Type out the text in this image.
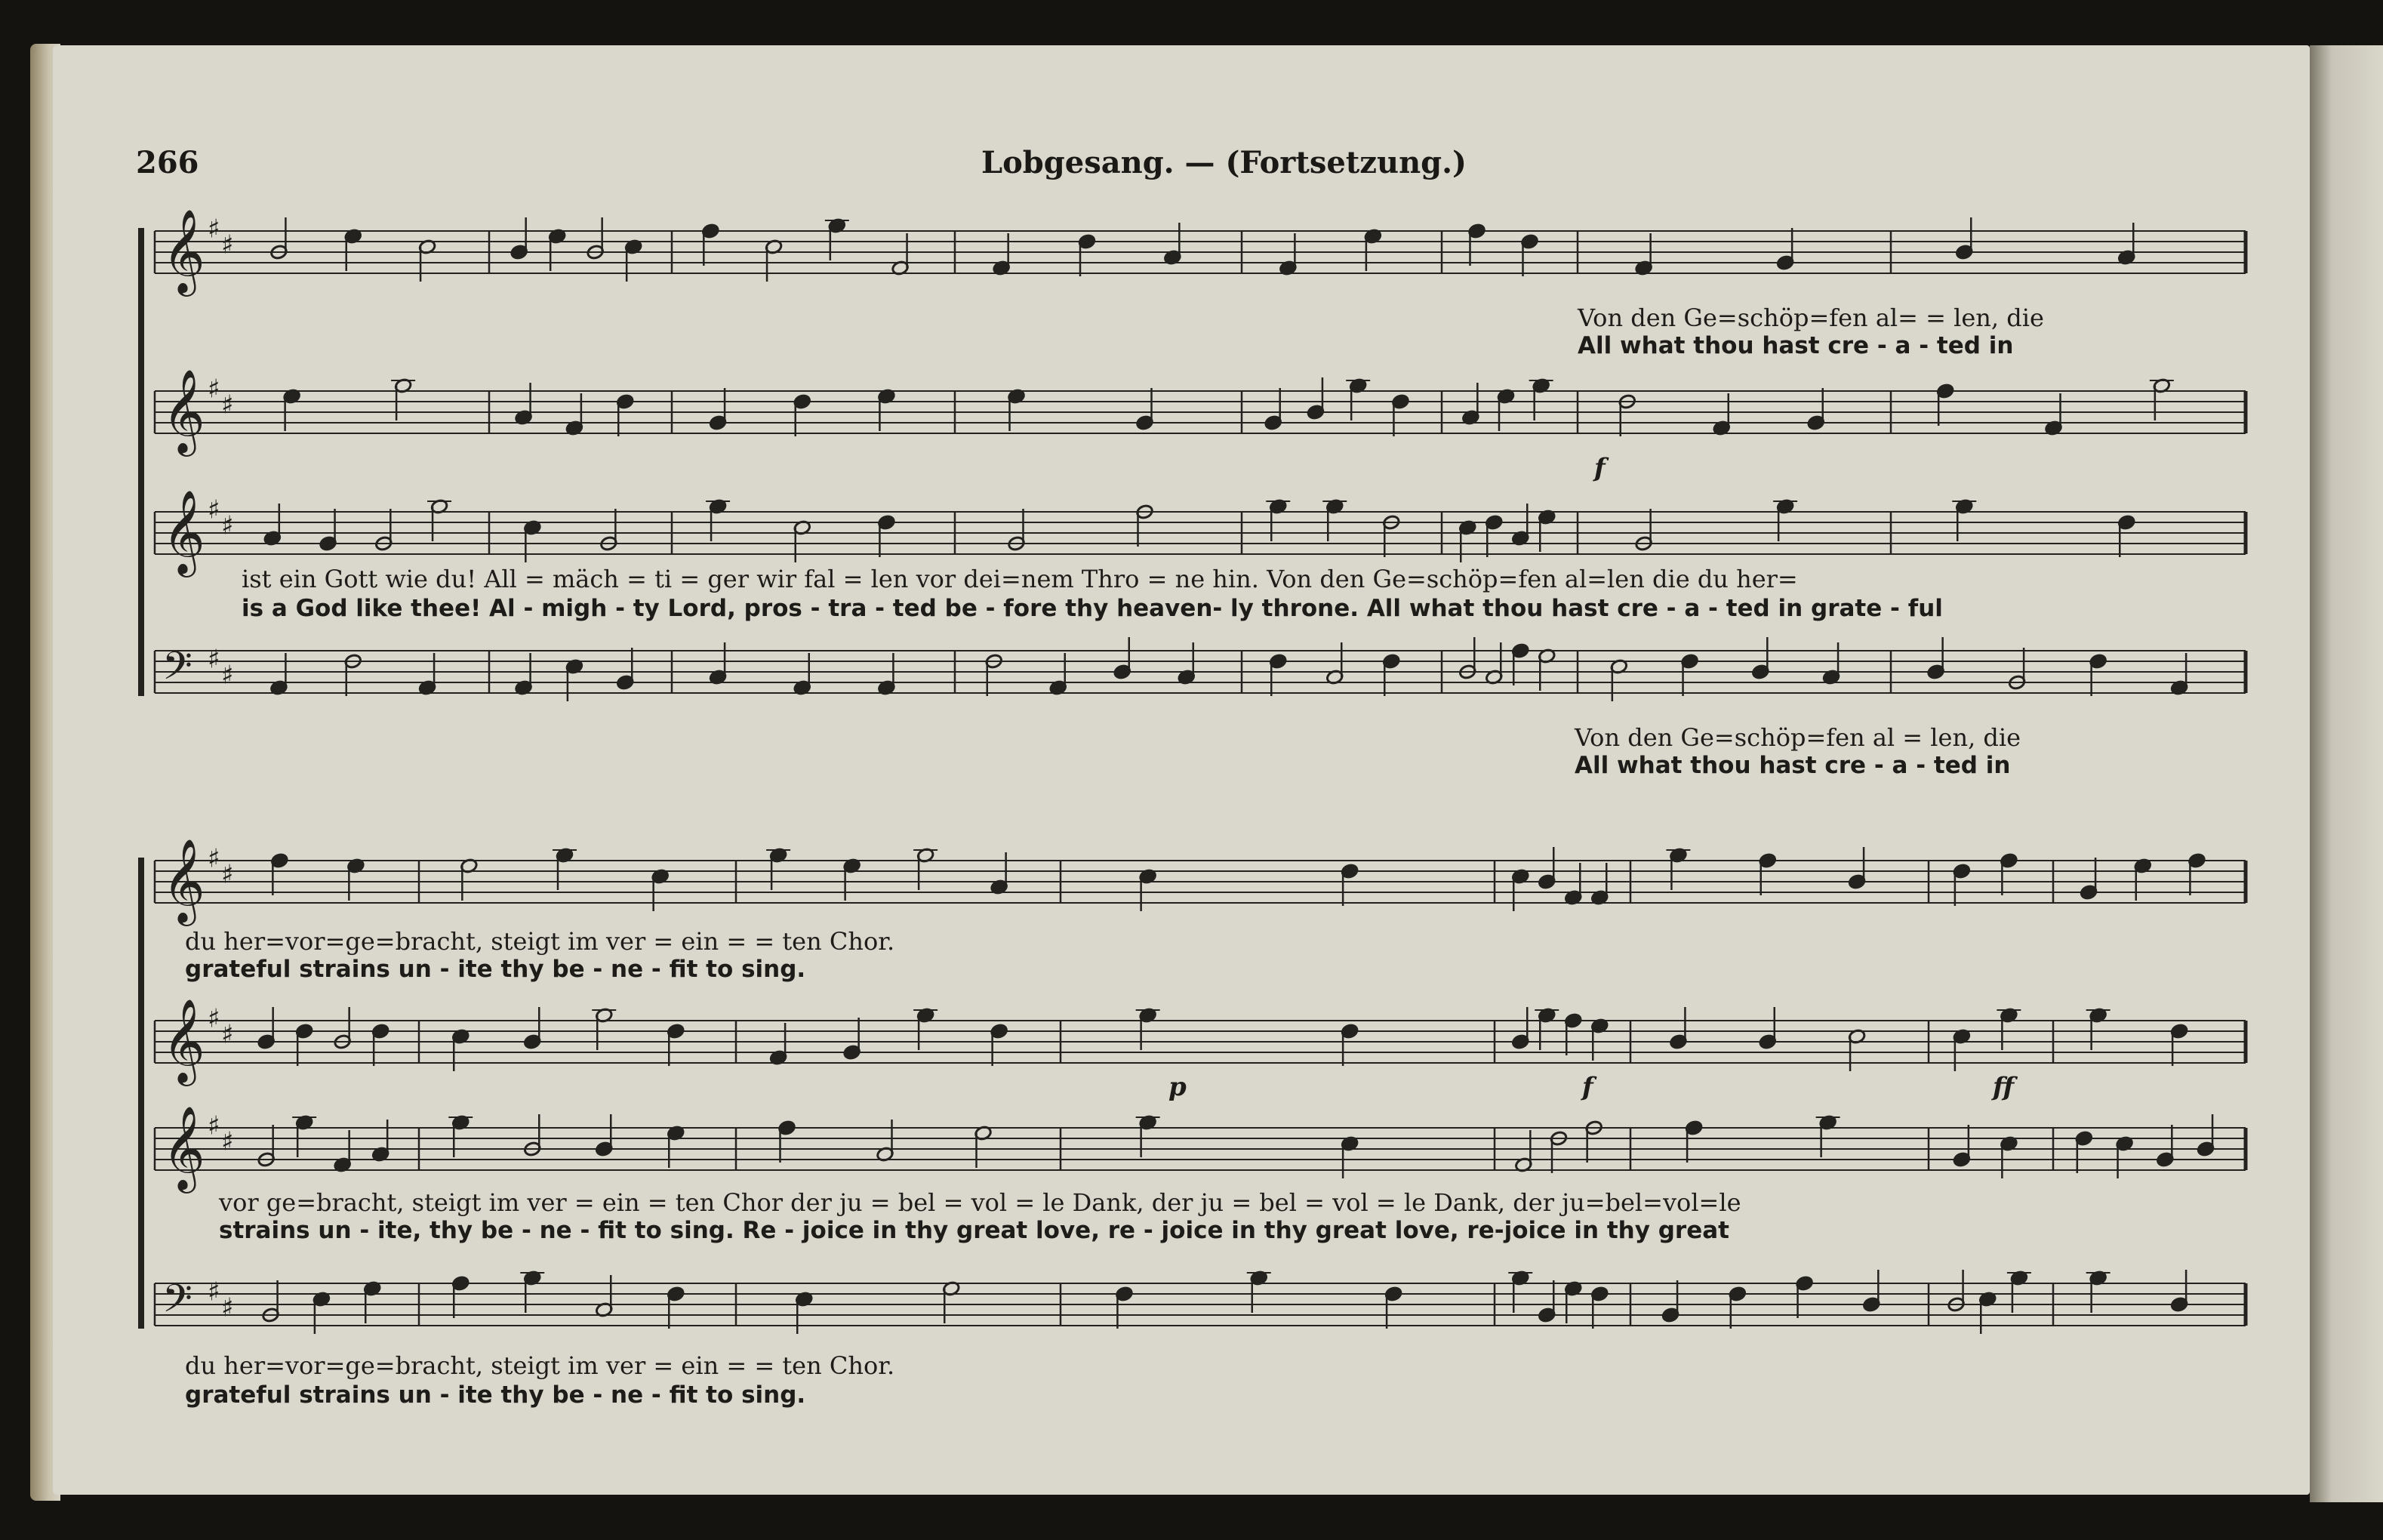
266	Lobgesang. — (Fortsetzung.)
𝄞 ♯
♯
𝄞 ♯
♯
𝄞 ♯
♯
𝄢 ♯
♯
𝄞 ♯
♯
𝄞 ♯
♯
𝄞 ♯
♯
𝄢 ♯
♯
Von den Ge=schöp=fen al= = len, die
All what thou hast cre - a - ted in
ist ein Gott wie du! All = mäch = ti = ger wir fal = len vor dei=nem Thro = ne hin. Von den Ge=schöp=fen al=len die du her=
is a God like thee! Al - migh - ty Lord, pros - tra - ted be - fore thy heaven- ly throne. All what thou hast cre - a - ted in grate - ful
Von den Ge=schöp=fen al = len, die
All what thou hast cre - a - ted in
f
du her=vor=ge=bracht, steigt im ver = ein = = ten Chor.
grateful strains un - ite thy be - ne - fit to sing.
vor ge=bracht, steigt im ver = ein = ten Chor der ju = bel = vol = le Dank, der ju = bel = vol = le Dank, der ju=bel=vol=le
strains un - ite, thy be - ne - fit to sing. Re - joice in thy great love, re - joice in thy great love, re-joice in thy great
du her=vor=ge=bracht, steigt im ver = ein = = ten Chor.
grateful strains un - ite thy be - ne - fit to sing.
p	f	ff
